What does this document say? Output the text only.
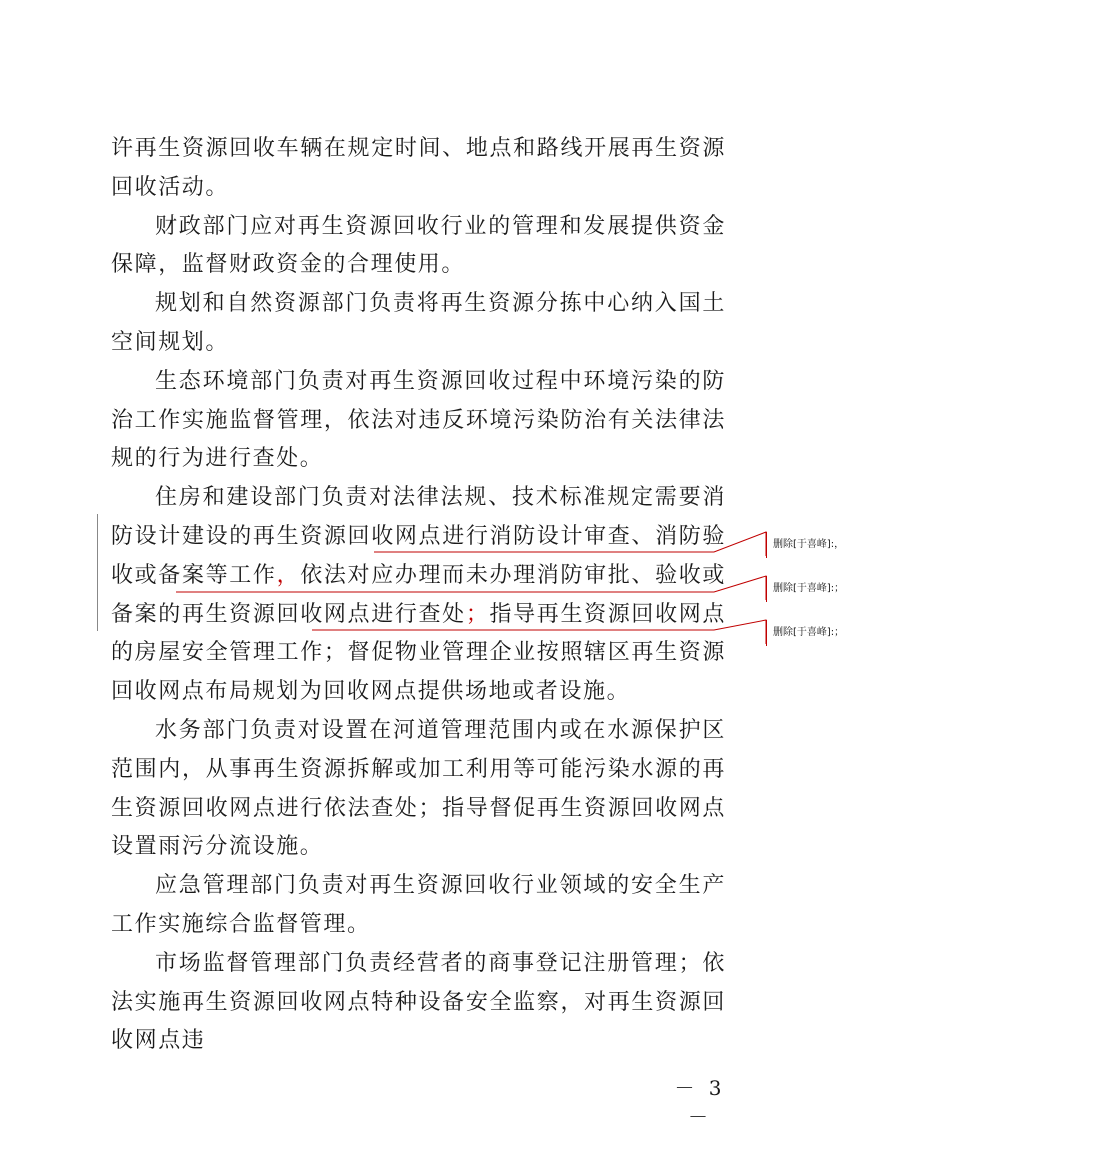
许再生资源回收车辆在规定时间、地点和路线开展再生资源回收活动。

财政部门应对再生资源回收行业的管理和发展提供资金保障，监督财政资金的合理使用。

规划和自然资源部门负责将再生资源分拣中心纳入国土空间规划。

生态环境部门负责对再生资源回收过程中环境污染的防治工作实施监督管理，依法对违反环境污染防治有关法律法规的行为进行查处。

住房和建设部门负责对法律法规、技术标准规定需要消防设计建设的再生资源回收网点进行消防设计审查、消防验收或备案等工作，依法对应办理而未办理消防审批、验收或备案的再生资源回收网点进行查处；指导再生资源回收网点的房屋安全管理工作；督促物业管理企业按照辖区再生资源回收网点布局规划为回收网点提供场地或者设施。

水务部门负责对设置在河道管理范围内或在水源保护区范围内，从事再生资源拆解或加工利用等可能污染水源的再生资源回收网点进行依法查处；指导督促再生资源回收网点设置雨污分流设施。

应急管理部门负责对再生资源回收行业领域的安全生产工作实施综合监督管理。

市场监督管理部门负责经营者的商事登记注册管理；依法实施再生资源回收网点特种设备安全监察，对再生资源回收网点违

删除[于喜峰]:，
删除[于喜峰]:；
删除[于喜峰]:；
－ 3 －
